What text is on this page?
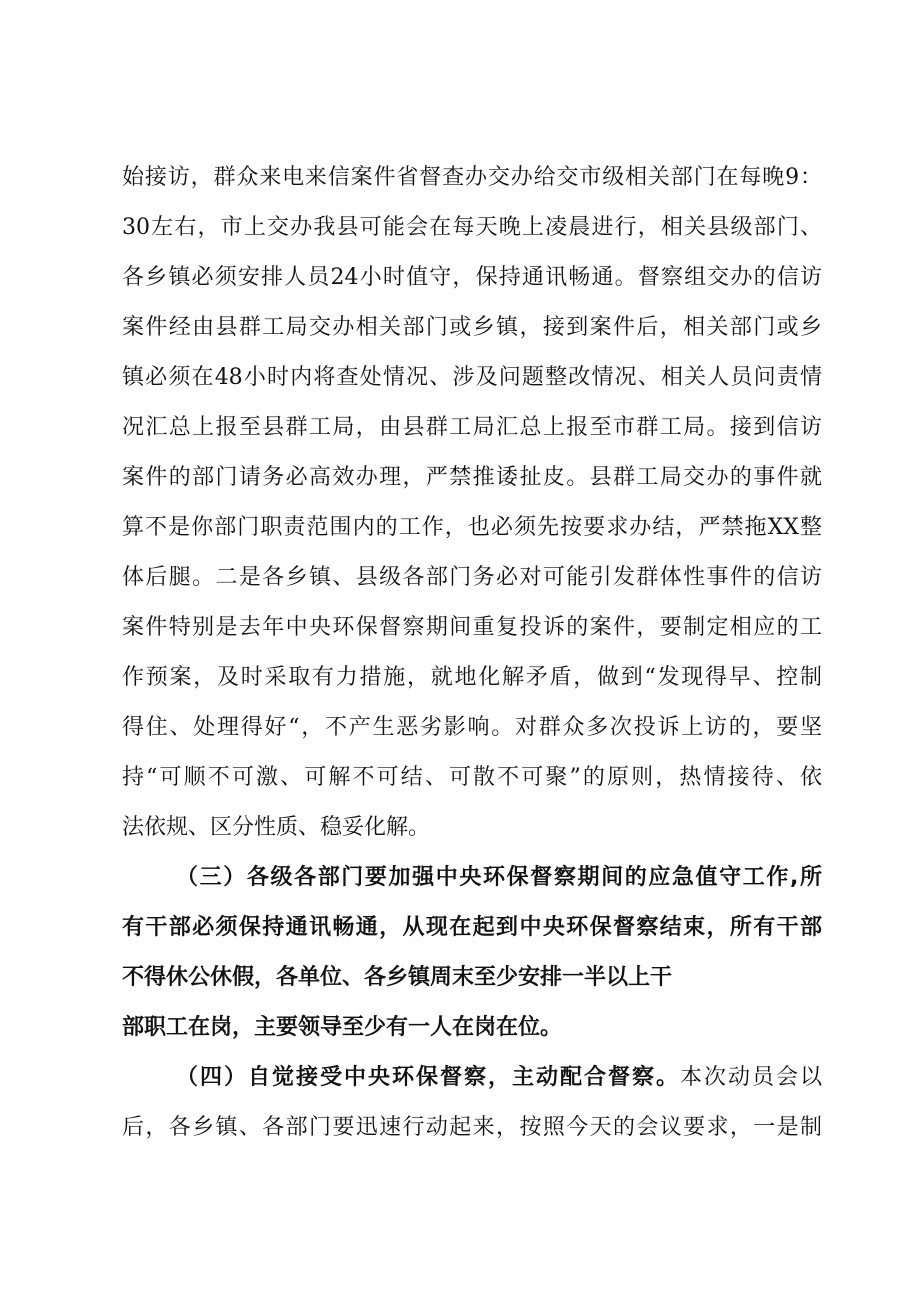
始接访，群众来电来信案件省督查办交办给交市级相关部门在每晚9：
30左右，市上交办我县可能会在每天晚上凌晨进行，相关县级部门、
各乡镇必须安排人员24小时值守，保持通讯畅通。督察组交办的信访
案件经由县群工局交办相关部门或乡镇，接到案件后，相关部门或乡
镇必须在48小时内将查处情况、涉及问题整改情况、相关人员问责情
况汇总上报至县群工局，由县群工局汇总上报至市群工局。接到信访
案件的部门请务必高效办理，严禁推诿扯皮。县群工局交办的事件就
算不是你部门职责范围内的工作，也必须先按要求办结，严禁拖XX整
体后腿。二是各乡镇、县级各部门务必对可能引发群体性事件的信访
案件特别是去年中央环保督察期间重复投诉的案件，要制定相应的工
作预案，及时采取有力措施，就地化解矛盾，做到“发现得早、控制
得住、处理得好“，不产生恶劣影响。对群众多次投诉上访的，要坚
持“可顺不可激、可解不可结、可散不可聚”的原则，热情接待、依
法依规、区分性质、稳妥化解。
（三）各级各部门要加强中央环保督察期间的应急值守工作,所
有干部必须保持通讯畅通，从现在起到中央环保督察结束，所有干部
不得休公休假，各单位、各乡镇周末至少安排一半以上干
部职工在岗，主要领导至少有一人在岗在位。
（四）自觉接受中央环保督察，主动配合督察。本次动员会以
后，各乡镇、各部门要迅速行动起来，按照今天的会议要求，一是制
